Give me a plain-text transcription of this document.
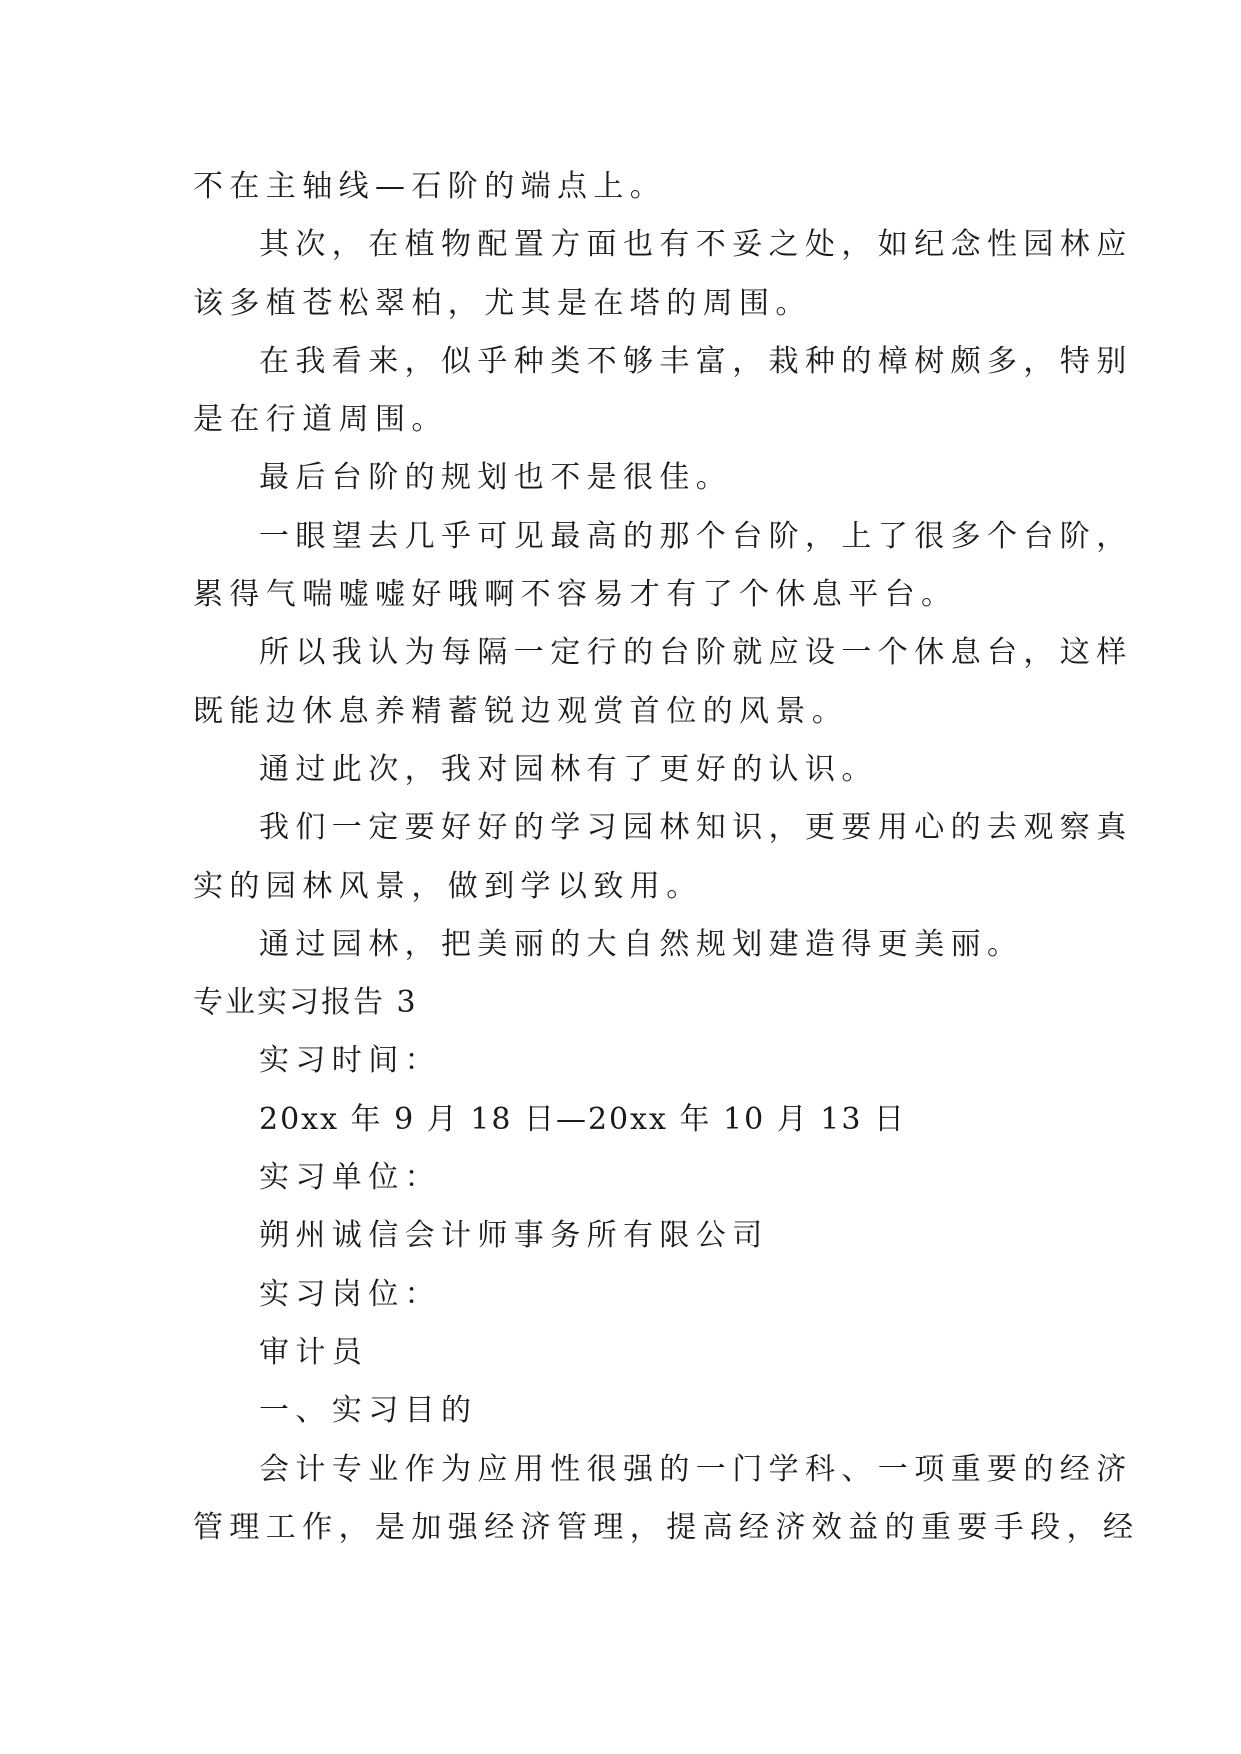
不在主轴线—石阶的端点上。
其次，在植物配置方面也有不妥之处，如纪念性园林应
该多植苍松翠柏，尤其是在塔的周围。
在我看来，似乎种类不够丰富，栽种的樟树颇多，特别
是在行道周围。
最后台阶的规划也不是很佳。
一眼望去几乎可见最高的那个台阶，上了很多个台阶，
累得气喘嘘嘘好哦啊不容易才有了个休息平台。
所以我认为每隔一定行的台阶就应设一个休息台，这样
既能边休息养精蓄锐边观赏首位的风景。
通过此次，我对园林有了更好的认识。
我们一定要好好的学习园林知识，更要用心的去观察真
实的园林风景，做到学以致用。
通过园林，把美丽的大自然规划建造得更美丽。
专业实习报告 3
实习时间：
20xx 年 9 月 18 日—20xx 年 10 月 13 日
实习单位：
朔州诚信会计师事务所有限公司
实习岗位：
审计员
一、实习目的
会计专业作为应用性很强的一门学科、一项重要的经济
管理工作，是加强经济管理，提高经济效益的重要手段，经
